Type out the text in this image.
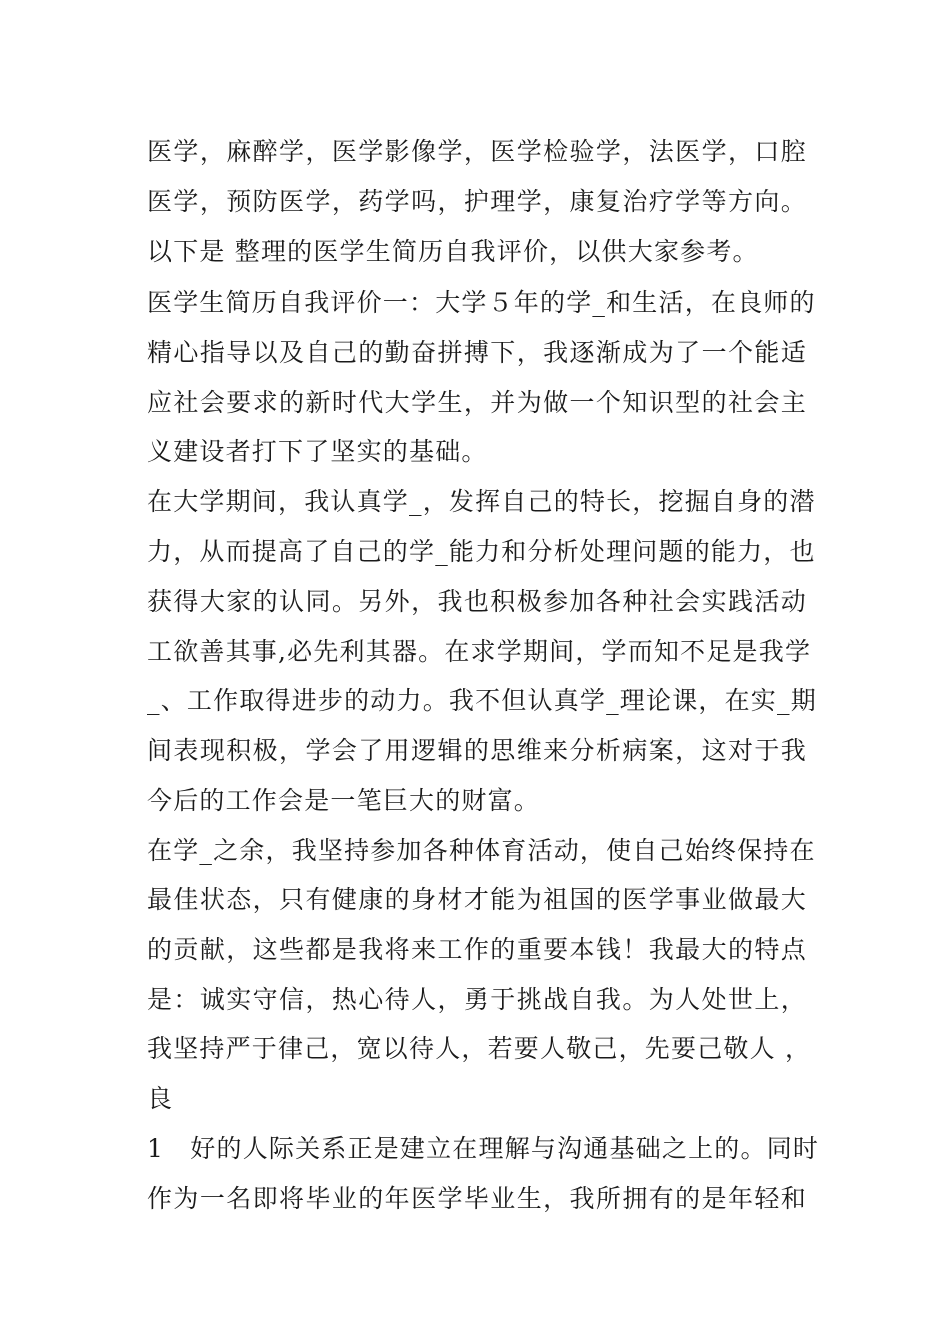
医学，麻醉学，医学影像学，医学检验学，法医学，口腔
医学，预防医学，药学吗，护理学，康复治疗学等方向。
以下是 整理的医学生简历自我评价，以供大家参考。
医学生简历自我评价一：大学５年的学_和生活，在良师的
精心指导以及自己的勤奋拼搏下，我逐渐成为了一个能适
应社会要求的新时代大学生，并为做一个知识型的社会主
义建设者打下了坚实的基础。
在大学期间，我认真学_，发挥自己的特长，挖掘自身的潜
力，从而提高了自己的学_能力和分析处理问题的能力，也
获得大家的认同。另外，我也积极参加各种社会实践活动
工欲善其事,必先利其器。在求学期间，学而知不足是我学
_、工作取得进步的动力。我不但认真学_理论课，在实_期
间表现积极，学会了用逻辑的思维来分析病案，这对于我
今后的工作会是一笔巨大的财富。
在学_之余，我坚持参加各种体育活动，使自己始终保持在
最佳状态，只有健康的身材才能为祖国的医学事业做最大
的贡献，这些都是我将来工作的重要本钱！我最大的特点
是：诚实守信，热心待人，勇于挑战自我。为人处世上，
我坚持严于律己，宽以待人，若要人敬己，先要己敬人 ，
良
1　好的人际关系正是建立在理解与沟通基础之上的。同时
作为一名即将毕业的年医学毕业生，我所拥有的是年轻和
